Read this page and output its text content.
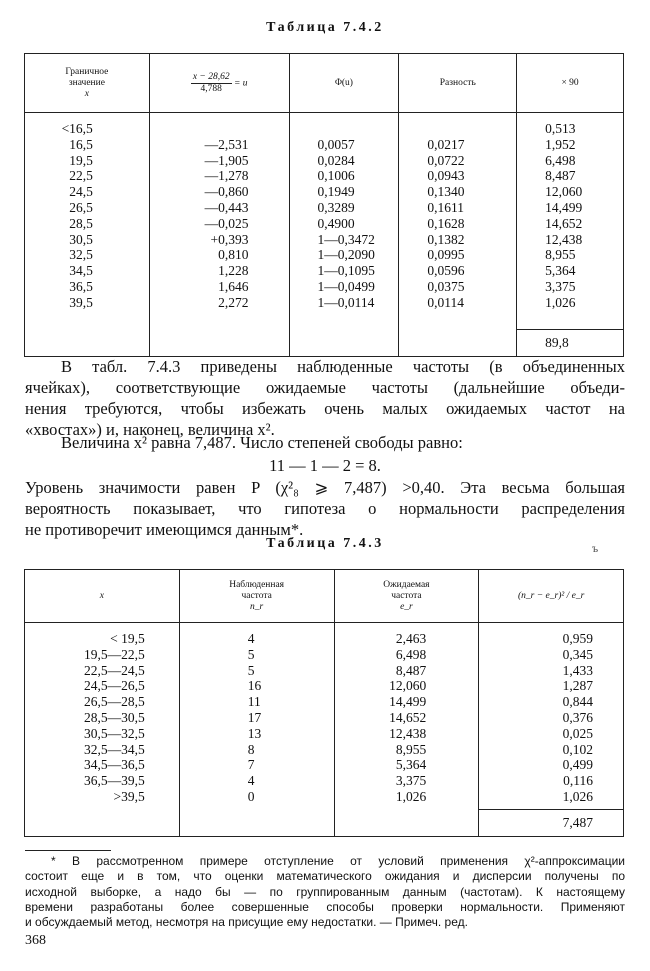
Таблица 7.4.2
Граничное
значение
x	$\frac{x - 28,62}{4,788} = u$	Φ(u)	Разность	× 90

<16,5				0,513
16,5	—2,531	0,0057	0,0217	1,952
19,5	—1,905	0,0284	0,0722	6,498
22,5	—1,278	0,1006	0,0943	8,487
24,5	—0,860	0,1949	0,1340	12,060
26,5	—0,443	0,3289	0,1611	14,499
28,5	—0,025	0,4900	0,1628	14,652
30,5	+0,393	1—0,3472	0,1382	12,438
32,5	0,810	1—0,2090	0,0995	8,955
34,5	1,228	1—0,1095	0,0596	5,364
36,5	1,646	1—0,0499	0,0375	3,375
39,5	2,272	1—0,0114	0,0114	1,026

				89,8
В табл. 7.4.3 приведены наблюденные частоты (в объединенных
ячейках), соответствующие ожидаемые частоты (дальнейшие объеди-
нения требуются, чтобы избежать очень малых ожидаемых частот на
«хвостах») и, наконец, величина x².
Величина x² равна 7,487. Число степеней свободы равно:
11 — 1 — 2 = 8.
Уровень значимости равен P (χ²₈ ⩾ 7,487) >0,40. Эта весьма большая
вероятность показывает, что гипотеза о нормальности распределения
не противоречит имеющимся данным*.
Таблица 7.4.3	ъ
x	Наблюденная
частота
n_r	Ожидаемая
частота
e_r	(n_r − e_r)² / e_r

< 19,5	4	2,463	0,959
19,5—22,5	5	6,498	0,345
22,5—24,5	5	8,487	1,433
24,5—26,5	16	12,060	1,287
26,5—28,5	11	14,499	0,844
28,5—30,5	17	14,652	0,376
30,5—32,5	13	12,438	0,025
32,5—34,5	8	8,955	0,102
34,5—36,5	7	5,364	0,499
36,5—39,5	4	3,375	0,116
>39,5	0	1,026	1,026

			7,487
* В рассмотренном примере отступление от условий применения χ²-аппроксимации
состоит еще и в том, что оценки математического ожидания и дисперсии получены по
исходной выборке, а надо бы — по группированным данным (частотам). К настоящему
времени разработаны более совершенные способы проверки нормальности. Применяют
и обсуждаемый метод, несмотря на присущие ему недостатки. — Примеч. ред.
368
